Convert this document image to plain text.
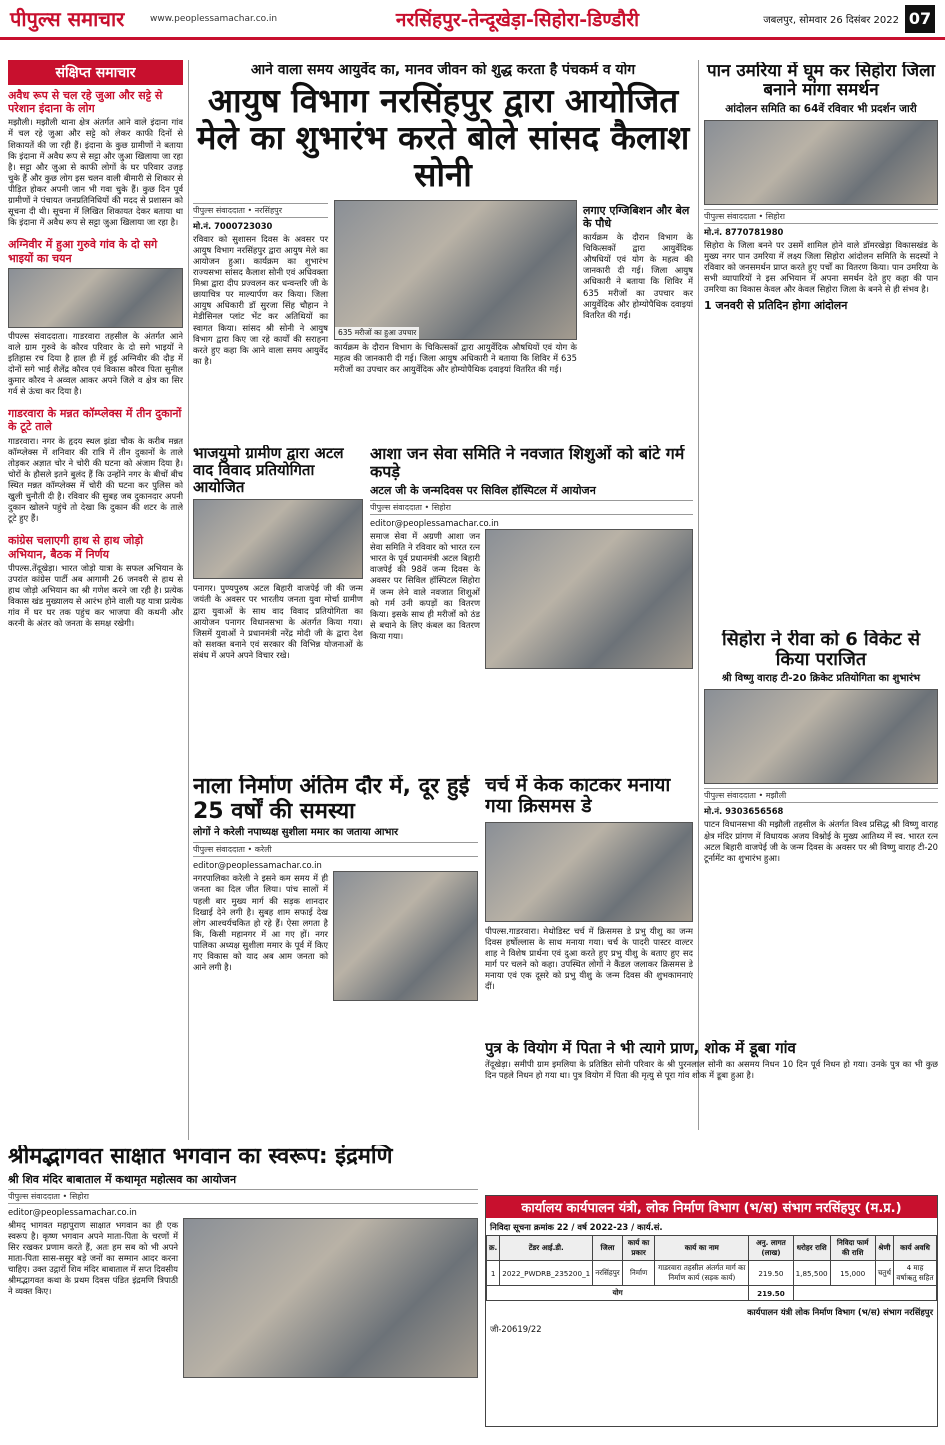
पीपुल्स समाचार	www.peoplessamachar.co.in	नरसिंहपुर-तेन्दूखेड़ा-सिहोरा-डिण्डौरी	जबलपुर, सोमवार 26 दिसंबर 2022 07
संक्षिप्त समाचार
अवैध रूप से चल रहे जुआ और सट्टे से परेशान इंदाना के लोग
मझौली। मझौली थाना क्षेत्र अंतर्गत आने वाले इंदाना गांव में चल रहे जुआ और सट्टे को लेकर काफी दिनों से शिकायतें की जा रही हैं। इंदाना के कुछ ग्रामीणों ने बताया कि इंदाना में अवैध रूप से सट्टा और जुआ खिलाया जा रहा है। सट्टा और जुआ से काफी लोगों के घर परिवार उजड़ चुके हैं और कुछ लोग इस चलन वाली बीमारी से शिकार से पीड़ित होकर अपनी जान भी गवा चुके हैं। कुछ दिन पूर्व ग्रामीणों ने पंचायत जनप्रतिनिधियों की मदद से प्रशासन को सूचना दी थी। सूचना में लिखित शिकायत देकर बताया था कि इंदाना में अवैध रूप से सट्टा जुआ खिलाया जा रहा है।
अग्निवीर में हुआ गुरुवे गांव के दो सगे भाइयों का चयन
पीपल्स संवाददाता। गाडरवारा तहसील के अंतर्गत आने वाले ग्राम गुरुवे के कौरव परिवार के दो सगे भाइयों ने इतिहास रच दिया है हाल ही में हुई अग्निवीर की दौड़ में दोनों सगे भाई शैलेंद्र कौरव एवं विकास कौरव पिता सुनील कुमार कौरव ने अव्वल आकर अपने जिले व क्षेत्र का सिर गर्व से ऊंचा कर दिया है।
गाडरवारा के मन्नत कॉम्प्लेक्स में तीन दुकानों के टूटे ताले
गाडरवारा। नगर के हृदय स्थल झंडा चौक के करीब मन्नत कॉम्प्लेक्स में शनिवार की रात्रि में तीन दुकानों के ताले तोड़कर अज्ञात चोर ने चोरी की घटना को अंजाम दिया है। चोरों के हौसले इतने बुलंद हैं कि उन्होंने नगर के बीचों बीच स्थित मन्नत कॉम्प्लेक्स में चोरी की घटना कर पुलिस को खुली चुनौती दी है। रविवार की सुबह जब दुकानदार अपनी दुकान खोलने पहुंचे तो देखा कि दुकान की शटर के ताले टूटे हुए हैं।
कांग्रेस चलाएगी हाथ से हाथ जोड़ो अभियान, बैठक में निर्णय
पीपल्स.तेंदूखेड़ा। भारत जोड़ो यात्रा के सफल अभियान के उपरांत कांग्रेस पार्टी अब आगामी 26 जनवरी से हाथ से हाथ जोड़ो अभियान का श्री गणेश करने जा रही है। प्रत्येक विकास खंड मुख्यालय से आरंभ होने वाली यह यात्रा प्रत्येक गांव में घर घर तक पहुंच कर भाजपा की कथनी और करनी के अंतर को जनता के समक्ष रखेगी।
आने वाला समय आयुर्वेद का, मानव जीवन को शुद्ध करता है पंचकर्म व योग
आयुष विभाग नरसिंहपुर द्वारा आयोजित मेले का शुभारंभ करते बोले सांसद कैलाश सोनी
पीपुल्स संवाददाता • नरसिंहपुर
मो.नं. 7000723030
रविवार को सुशासन दिवस के अवसर पर आयुष विभाग नरसिंहपुर द्वारा आयुष मेले का आयोजन हुआ। कार्यक्रम का शुभारंभ राज्यसभा सांसद कैलाश सोनी एवं अधिवक्ता मिश्रा द्वारा दीप प्रज्वलन कर धन्वन्तरि जी के छायाचित्र पर माल्यार्पण कर किया। जिला आयुष अधिकारी डॉ सुरजा सिंह चौहान ने मेडीसिनल प्लांट भेंट कर अतिथियों का स्वागत किया। सांसद श्री सोनी ने आयुष विभाग द्वारा किए जा रहे कार्यों की सराहना करते हुए कहा कि आने वाला समय आयुर्वेद का है।
635 मरीजों का हुआ उपचार
कार्यक्रम के दौरान विभाग के चिकित्सकों द्वारा आयुर्वेदिक औषधियों एवं योग के महत्व की जानकारी दी गई। जिला आयुष अधिकारी ने बताया कि शिविर में 635 मरीजों का उपचार कर आयुर्वेदिक और होम्योपैथिक दवाइयां वितरित की गई।
लगाए एग्जिबिशन और बेल के पौधे
कार्यक्रम के दौरान विभाग के चिकित्सकों द्वारा आयुर्वेदिक औषधियों एवं योग के महत्व की जानकारी दी गई। जिला आयुष अधिकारी ने बताया कि शिविर में 635 मरीजों का उपचार कर आयुर्वेदिक और होम्योपैथिक दवाइयां वितरित की गई।
भाजयुमो ग्रामीण द्वारा अटल वाद विवाद प्रतियोगिता आयोजित
पनागर। पुण्यपुरुष अटल बिहारी वाजपेई जी की जन्म जयंती के अवसर पर भारतीय जनता युवा मोर्चा ग्रामीण द्वारा युवाओं के साथ वाद विवाद प्रतियोगिता का आयोजन पनागर विधानसभा के अंतर्गत किया गया। जिसमें युवाओं ने प्रधानमंत्री नरेंद्र मोदी जी के द्वारा देश को सशक्त बनाने एवं सरकार की विभिन्न योजनाओं के संबंध में अपने अपने विचार रखे।
आशा जन सेवा समिति ने नवजात शिशुओं को बांटे गर्म कपड़े
अटल जी के जन्मदिवस पर सिविल हॉस्पिटल में आयोजन
पीपुल्स संवाददाता • सिहोरा
editor@peoplessamachar.co.in
समाज सेवा में अग्रणी आशा जन सेवा समिति ने रविवार को भारत रत्न भारत के पूर्व प्रधानमंत्री अटल बिहारी वाजपेई की 98वें जन्म दिवस के अवसर पर सिविल हॉस्पिटल सिहोरा में जन्म लेने वाले नवजात शिशुओं को गर्म उनी कपड़ों का वितरण किया। इसके साथ ही मरीजों को ठंड से बचाने के लिए कंबल का वितरण किया गया।
नाला निर्माण अंतिम दौर में, दूर हुई 25 वर्षों की समस्या
लोगों ने करेली नपाध्यक्ष सुशीला ममार का जताया आभार
पीपुल्स संवाददाता • करेली
editor@peoplessamachar.co.in
नगरपालिका करेली ने इसने कम समय में ही जनता का दिल जीत लिया। पांच सालों में पहली बार मुख्य मार्ग की सड़क शानदार दिखाई देने लगी है। सुबह शाम सफाई देख लोग आश्चर्यचकित हो रहे हैं। ऐसा लगता है कि, किसी महानगर में आ गए हों। नगर पालिका अध्यक्ष सुशीला ममार के पूर्व में किए गए विकास को याद अब आम जनता को आने लगी है।
चर्च में केक काटकर मनाया गया क्रिसमस डे
पीपल्स.गाडरवारा। मेथोडिस्ट चर्च में क्रिसमस डे प्रभु यीशु का जन्म दिवस हर्षोल्लास के साथ मनाया गया। चर्च के पादरी पास्टर वाल्टर शाह ने विशेष प्रार्थना एवं दुआ करते हुए प्रभु यीशु के बताए हुए सद मार्ग पर चलने को कहा। उपस्थित लोगों ने कैंडल जलाकर क्रिसमस डे मनाया एवं एक दूसरे को प्रभु यीशु के जन्म दिवस की शुभकामनाएं दीं।
श्रीमद्भागवत साक्षात भगवान का स्वरूप: इंद्रमणि
श्री शिव मंदिर बाबाताल में कथामृत महोत्सव का आयोजन
पीपुल्स संवाददाता • सिहोरा
editor@peoplessamachar.co.in
श्रीमद् भागवत महापुराण साक्षात भगवान का ही एक स्वरूप है। कृष्ण भगवान अपने माता-पिता के चरणों में सिर रखकर प्रणाम करते हैं, अतः हम सब को भी अपने माता-पिता सास-ससुर बड़े जनों का सम्मान आदर करना चाहिए। उक्त उद्गारों शिव मंदिर बाबाताल में सप्त दिवसीय श्रीमद्भागवत कथा के प्रथम दिवस पंडित इंद्रमणि त्रिपाठी ने व्यक्त किए।
पान उमरिया में घूम कर सिहोरा जिला बनाने मांगा समर्थन
आंदोलन समिति का 64वें रविवार भी प्रदर्शन जारी
पीपुल्स संवाददाता • सिहोरा
मो.नं. 8770781980
सिहोरा के जिला बनने पर उसमें शामिल होने वाले डॉमरखेड़ा विकासखंड के मुख्य नगर पान उमरिया में लक्ष्य जिला सिहोरा आंदोलन समिति के सदस्यों ने रविवार को जनसमर्थन प्राप्त करते हुए पर्चों का वितरण किया। पान उमरिया के सभी व्यापारियों ने इस अभियान में अपना समर्थन देते हुए कहा की पान उमरिया का विकास केवल और केवल सिहोरा जिला के बनने से ही संभव है।
1 जनवरी से प्रतिदिन होगा आंदोलन
सिहोरा ने रीवा को 6 विकेट से किया पराजित
श्री विष्णु वाराह टी-20 क्रिकेट प्रतियोगिता का शुभारंभ
पीपुल्स संवाददाता • मझौली
मो.नं. 9303656568
पाटन विधानसभा की मझौली तहसील के अंतर्गत विश्व प्रसिद्ध श्री विष्णु वाराह क्षेत्र मंदिर प्रांगण में विधायक अजय विश्नोई के मुख्य आतिथ्य में स्व. भारत रत्न अटल बिहारी वाजपेई जी के जन्म दिवस के अवसर पर श्री विष्णु वाराह टी-20 टूर्नामेंट का शुभारंभ हुआ।
पुत्र के वियोग में पिता ने भी त्यागे प्राण, शोक में डूबा गांव
तेंदूखेड़ा। समीपी ग्राम इमलिया के प्रतिष्ठित सोनी परिवार के श्री पुरनलाल सोनी का असमय निधन 10 दिन पूर्व निधन हो गया। उनके पुत्र का भी कुछ दिन पहले निधन हो गया था। पुत्र वियोग में पिता की मृत्यु से पूरा गांव शोक में डूबा हुआ है।
कार्यालय कार्यपालन यंत्री, लोक निर्माण विभाग (भ/स) संभाग नरसिंहपुर (म.प्र.)
निविदा सूचना क्रमांक 22 / वर्ष 2022-23 / कार्य.सं.
क्र.	टेंडर आई.डी.	जिला	कार्य का प्रकार	कार्य का नाम	अनु. लागत (लाख)	धरोहर राशि	निविदा फार्म की राशि	श्रेणी	कार्य अवधि
1	2022_PWDRB_235200_1	नरसिंहपुर	निर्माण	गाडरवारा तहसील अंतर्गत मार्ग का निर्माण कार्य (सड़क कार्य)	219.50	1,85,500	15,000	चतुर्थ	4 माह वर्षाऋतु सहित
योग					219.50				
कार्यपालन यंत्री लोक निर्माण विभाग (भ/स) संभाग नरसिंहपुर
जी-20619/22
